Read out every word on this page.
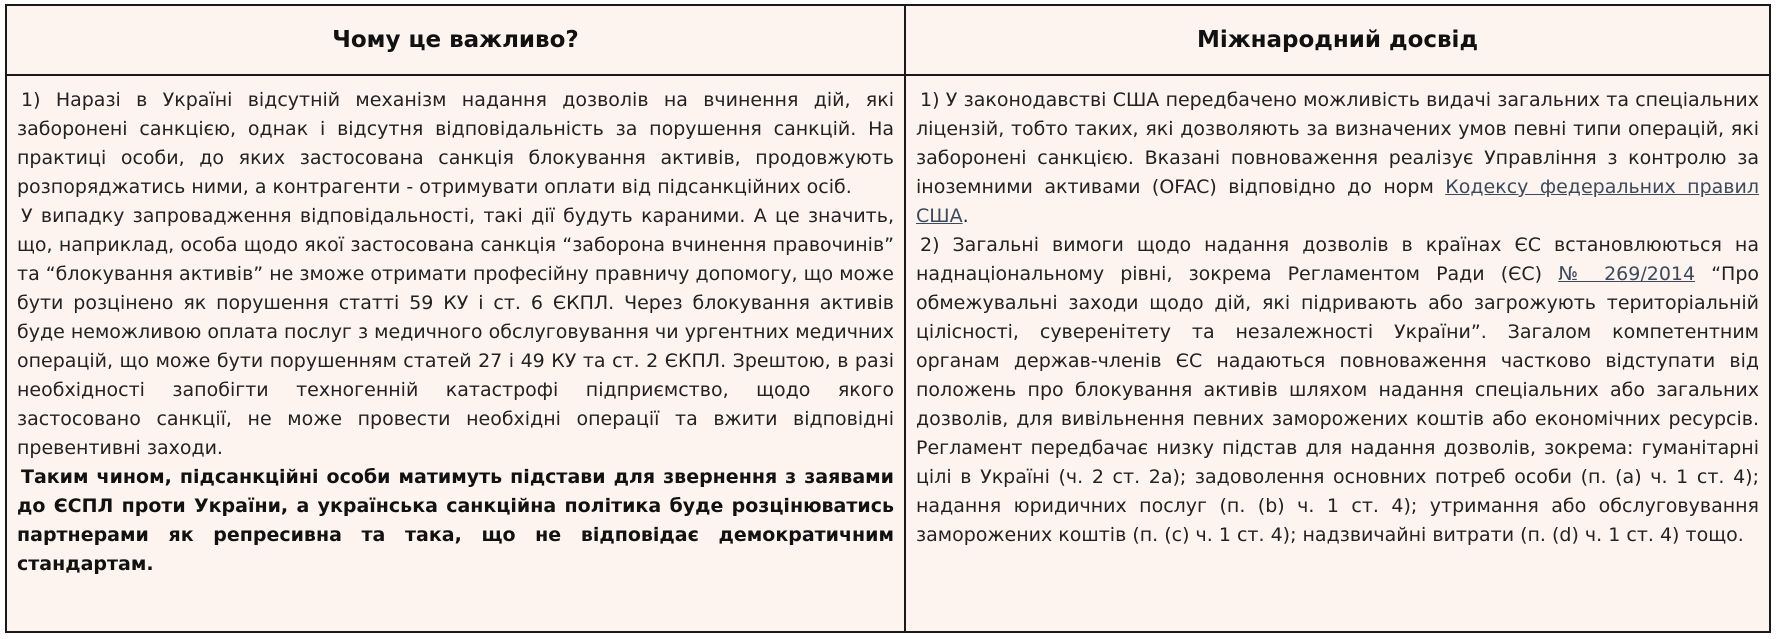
Чому це важливо?

1) Наразі в Україні відсутній механізм надання дозволів на вчинення дій, які заборонені санкцією, однак і відсутня відповідальність за порушення санкцій. На практиці особи, до яких застосована санкція блокування активів, продовжують розпоряджатись ними, а контрагенти - отримувати оплати від підсанкційних осіб.

У випадку запровадження відповідальності, такі дії будуть караними. А це значить, що, наприклад, особа щодо якої застосована санкція “заборона вчинення правочинів” та “блокування активів” не зможе отримати професійну правничу допомогу, що може бути розцінено як порушення статті 59 КУ і ст. 6 ЄКПЛ. Через блокування активів буде неможливою оплата послуг з медичного обслуговування чи ургентних медичних операцій, що може бути порушенням статей 27 і 49 КУ та ст. 2 ЄКПЛ. Зрештою, в разі необхідності запобігти техногенній катастрофі підприємство, щодо якого застосовано санкції, не може провести необхідні операції та вжити відповідні превентивні заходи.

Таким чином, підсанкційні особи матимуть підстави для звернення з заявами до ЄСПЛ проти України, а українська санкційна політика буде розцінюватись партнерами як репресивна та така, що не відповідає демократичним стандартам.

Міжнародний досвід

1) У законодавстві США передбачено можливість видачі загальних та спеціальних ліцензій, тобто таких, які дозволяють за визначених умов певні типи операцій, які заборонені санкцією. Вказані повноваження реалізує Управління з контролю за іноземними активами (OFAC) відповідно до норм Кодексу федеральних правил США.

2) Загальні вимоги щодо надання дозволів в країнах ЄС встановлюються на наднаціональному рівні, зокрема Регламентом Ради (ЄС) № 269/2014 “Про обмежувальні заходи щодо дій, які підривають або загрожують територіальній цілісності, суверенітету та незалежності України”. Загалом компетентним органам держав-членів ЄС надаються повноваження частково відступати від положень про блокування активів шляхом надання спеціальних або загальних дозволів, для вивільнення певних заморожених коштів або економічних ресурсів. Регламент передбачає низку підстав для надання дозволів, зокрема: гуманітарні цілі в Україні (ч. 2 ст. 2а); задоволення основних потреб особи (п. (а) ч. 1 ст. 4); надання юридичних послуг (п. (b) ч. 1 ст. 4); утримання або обслуговування заморожених коштів (п. (с) ч. 1 ст. 4); надзвичайні витрати (п. (d) ч. 1 ст. 4) тощо.
